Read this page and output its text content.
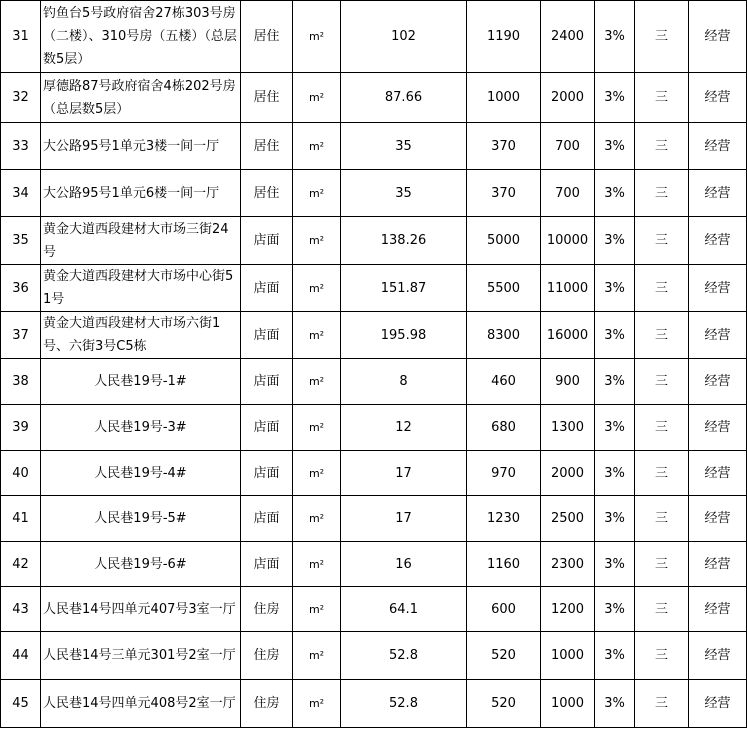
31	钓鱼台5号政府宿舍27栋303号房（二楼）、310号房（五楼）（总层数5层）	居住	m²	102	1190	2400	3%	三	经营
32	厚德路87号政府宿舍4栋202号房（总层数5层）	居住	m²	87.66	1000	2000	3%	三	经营
33	大公路95号1单元3楼一间一厅	居住	m²	35	370	700	3%	三	经营
34	大公路95号1单元6楼一间一厅	居住	m²	35	370	700	3%	三	经营
35	黄金大道西段建材大市场三街24号	店面	m²	138.26	5000	10000	3%	三	经营
36	黄金大道西段建材大市场中心街51号	店面	m²	151.87	5500	11000	3%	三	经营
37	黄金大道西段建材大市场六街1号、六街3号C5栋	店面	m²	195.98	8300	16000	3%	三	经营
38	人民巷19号-1#	店面	m²	8	460	900	3%	三	经营
39	人民巷19号-3#	店面	m²	12	680	1300	3%	三	经营
40	人民巷19号-4#	店面	m²	17	970	2000	3%	三	经营
41	人民巷19号-5#	店面	m²	17	1230	2500	3%	三	经营
42	人民巷19号-6#	店面	m²	16	1160	2300	3%	三	经营
43	人民巷14号四单元407号3室一厅	住房	m²	64.1	600	1200	3%	三	经营
44	人民巷14号三单元301号2室一厅	住房	m²	52.8	520	1000	3%	三	经营
45	人民巷14号四单元408号2室一厅	住房	m²	52.8	520	1000	3%	三	经营
